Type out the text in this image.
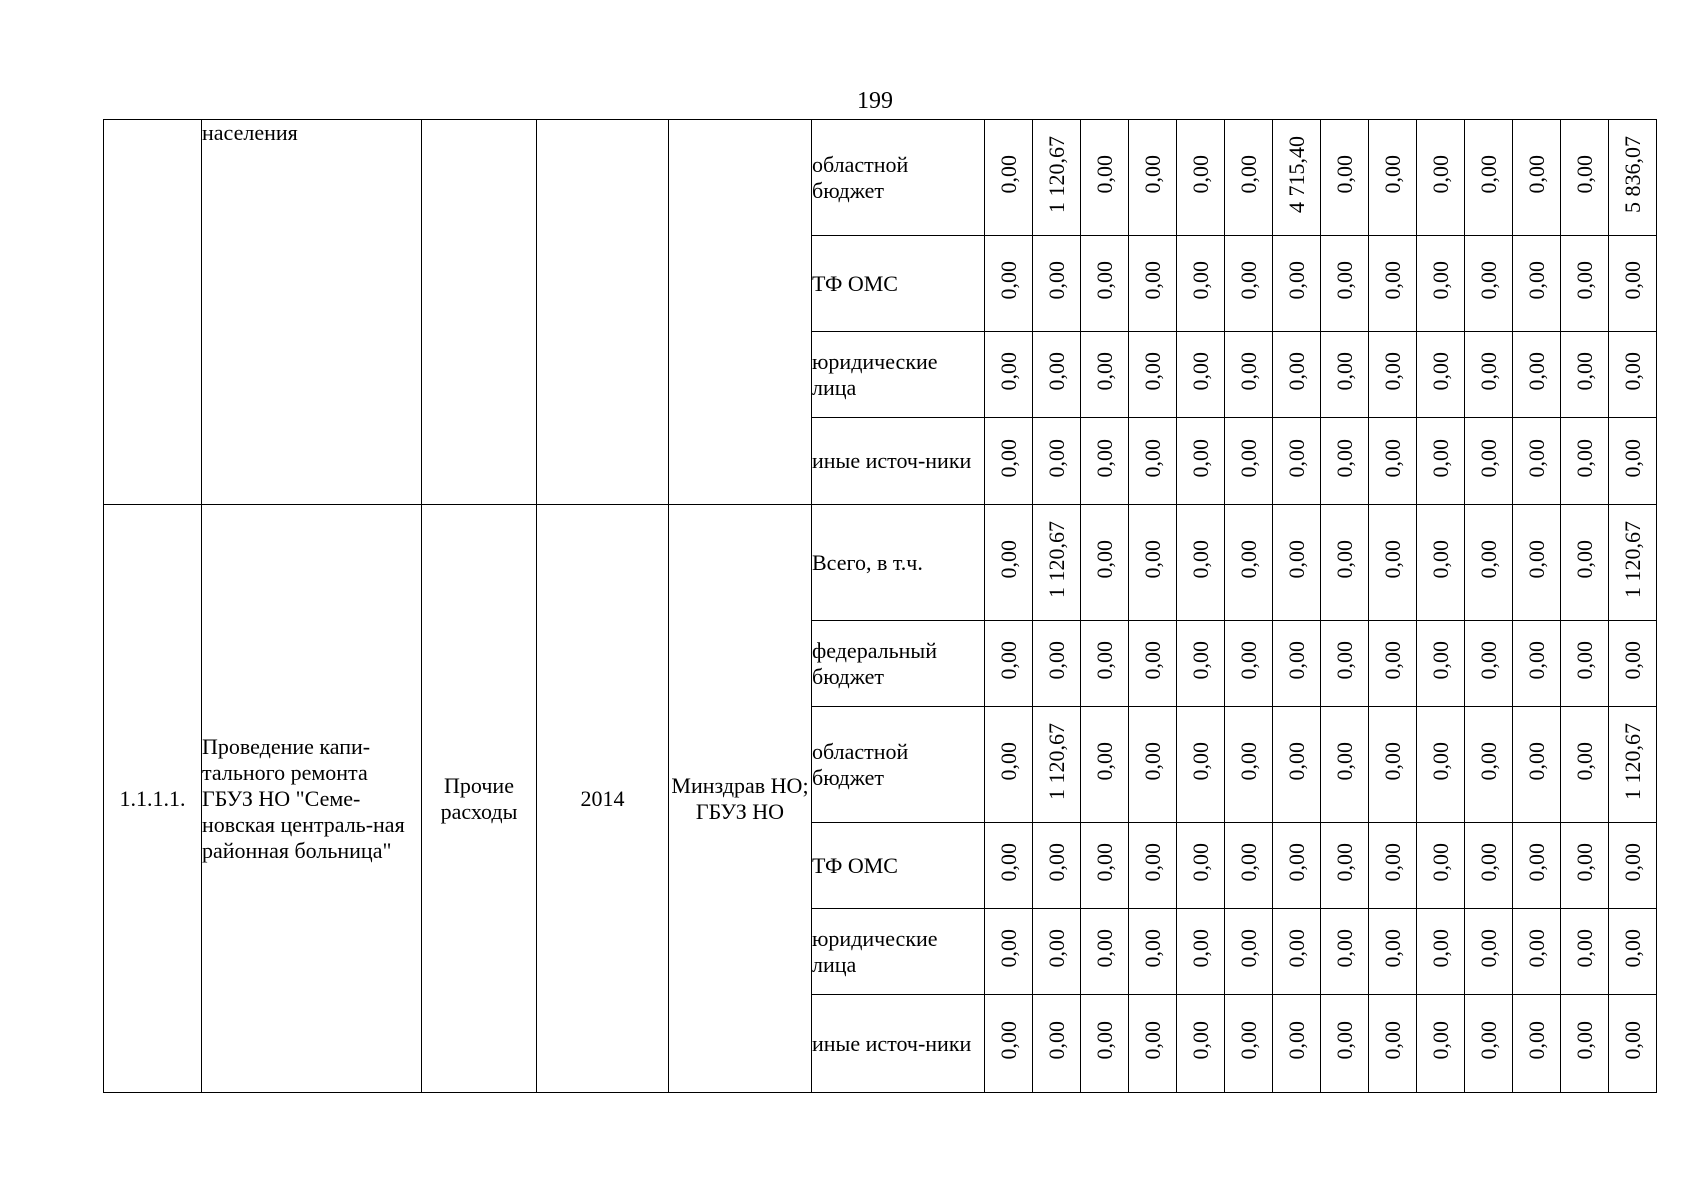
199
	населения				областной бюджет	0,00	1 120,67	0,00	0,00	0,00	0,00	4 715,40	0,00	0,00	0,00	0,00	0,00	0,00	5 836,07
					ТФ ОМС	0,00	0,00	0,00	0,00	0,00	0,00	0,00	0,00	0,00	0,00	0,00	0,00	0,00	0,00
					юридические лица	0,00	0,00	0,00	0,00	0,00	0,00	0,00	0,00	0,00	0,00	0,00	0,00	0,00	0,00
					иные источ-ники	0,00	0,00	0,00	0,00	0,00	0,00	0,00	0,00	0,00	0,00	0,00	0,00	0,00	0,00
1.1.1.1.	Проведение капи-тального ремонта ГБУЗ НО "Семе-новская централь-ная районная больница"	Прочие расходы	2014	Минздрав НО; ГБУЗ НО	Всего, в т.ч.	0,00	1 120,67	0,00	0,00	0,00	0,00	0,00	0,00	0,00	0,00	0,00	0,00	0,00	1 120,67
					федеральный бюджет	0,00	0,00	0,00	0,00	0,00	0,00	0,00	0,00	0,00	0,00	0,00	0,00	0,00	0,00
					областной бюджет	0,00	1 120,67	0,00	0,00	0,00	0,00	0,00	0,00	0,00	0,00	0,00	0,00	0,00	1 120,67
					ТФ ОМС	0,00	0,00	0,00	0,00	0,00	0,00	0,00	0,00	0,00	0,00	0,00	0,00	0,00	0,00
					юридические лица	0,00	0,00	0,00	0,00	0,00	0,00	0,00	0,00	0,00	0,00	0,00	0,00	0,00	0,00
					иные источ-ники	0,00	0,00	0,00	0,00	0,00	0,00	0,00	0,00	0,00	0,00	0,00	0,00	0,00	0,00
